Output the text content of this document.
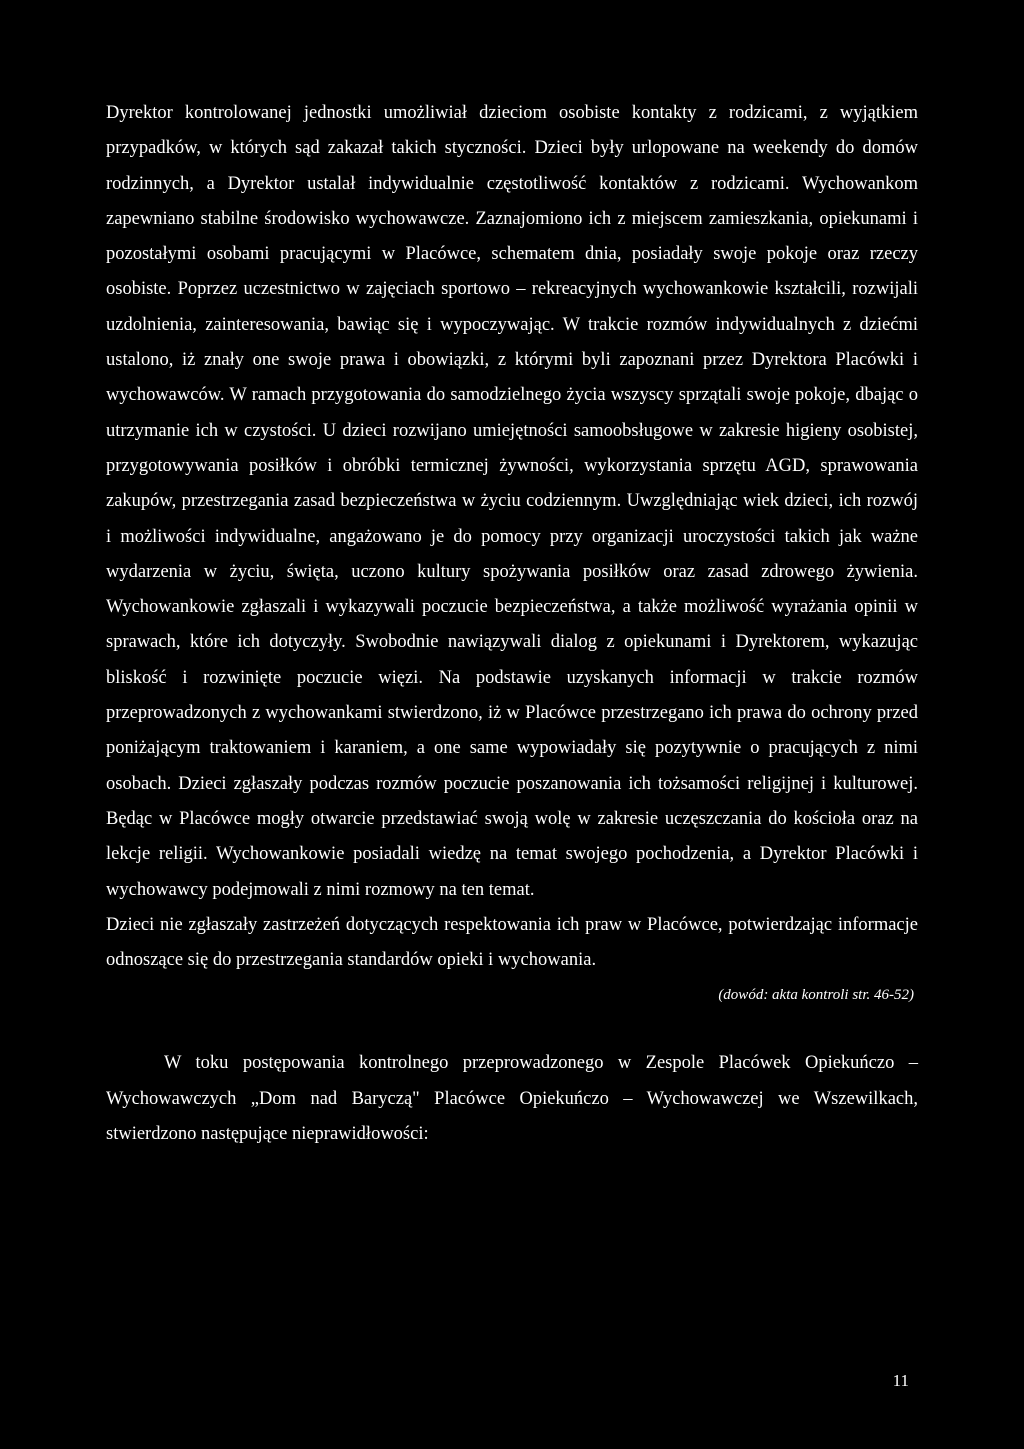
Dyrektor kontrolowanej jednostki umożliwiał dzieciom osobiste kontakty z rodzicami, z wyjątkiem przypadków, w których sąd zakazał takich styczności. Dzieci były urlopowane na weekendy do domów rodzinnych, a Dyrektor ustalał indywidualnie częstotliwość kontaktów z rodzicami. Wychowankom zapewniano stabilne środowisko wychowawcze. Zaznajomiono ich z miejscem zamieszkania, opiekunami i pozostałymi osobami pracującymi w Placówce, schematem dnia, posiadały swoje pokoje oraz rzeczy osobiste. Poprzez uczestnictwo w zajęciach sportowo – rekreacyjnych wychowankowie kształcili, rozwijali uzdolnienia, zainteresowania, bawiąc się i wypoczywając. W trakcie rozmów indywidualnych z dziećmi ustalono, iż znały one swoje prawa i obowiązki, z którymi byli zapoznani przez Dyrektora Placówki i wychowawców. W ramach przygotowania do samodzielnego życia wszyscy sprzątali swoje pokoje, dbając o utrzymanie ich w czystości. U dzieci rozwijano umiejętności samoobsługowe w zakresie higieny osobistej, przygotowywania posiłków i obróbki termicznej żywności, wykorzystania sprzętu AGD, sprawowania zakupów, przestrzegania zasad bezpieczeństwa w życiu codziennym. Uwzględniając wiek dzieci, ich rozwój i możliwości indywidualne, angażowano je do pomocy przy organizacji uroczystości takich jak ważne wydarzenia w życiu, święta, uczono kultury spożywania posiłków oraz zasad zdrowego żywienia. Wychowankowie zgłaszali i wykazywali poczucie bezpieczeństwa, a także możliwość wyrażania opinii w sprawach, które ich dotyczyły. Swobodnie nawiązywali dialog z opiekunami i Dyrektorem, wykazując bliskość i rozwinięte poczucie więzi. Na podstawie uzyskanych informacji w trakcie rozmów przeprowadzonych z wychowankami stwierdzono, iż w Placówce przestrzegano ich prawa do ochrony przed poniżającym traktowaniem i karaniem, a one same wypowiadały się pozytywnie o pracujących z nimi osobach. Dzieci zgłaszały podczas rozmów poczucie poszanowania ich tożsamości religijnej i kulturowej. Będąc w Placówce mogły otwarcie przedstawiać swoją wolę w zakresie uczęszczania do kościoła oraz na lekcje religii. Wychowankowie posiadali wiedzę na temat swojego pochodzenia, a Dyrektor Placówki i wychowawcy podejmowali z nimi rozmowy na ten temat.

Dzieci nie zgłaszały zastrzeżeń dotyczących respektowania ich praw w Placówce, potwierdzając informacje odnoszące się do przestrzegania standardów opieki i wychowania.

(dowód: akta kontroli str. 46-52)

W toku postępowania kontrolnego przeprowadzonego w Zespole Placówek Opiekuńczo – Wychowawczych „Dom nad Baryczą" Placówce Opiekuńczo – Wychowawczej we Wszewilkach, stwierdzono następujące nieprawidłowości:

11
